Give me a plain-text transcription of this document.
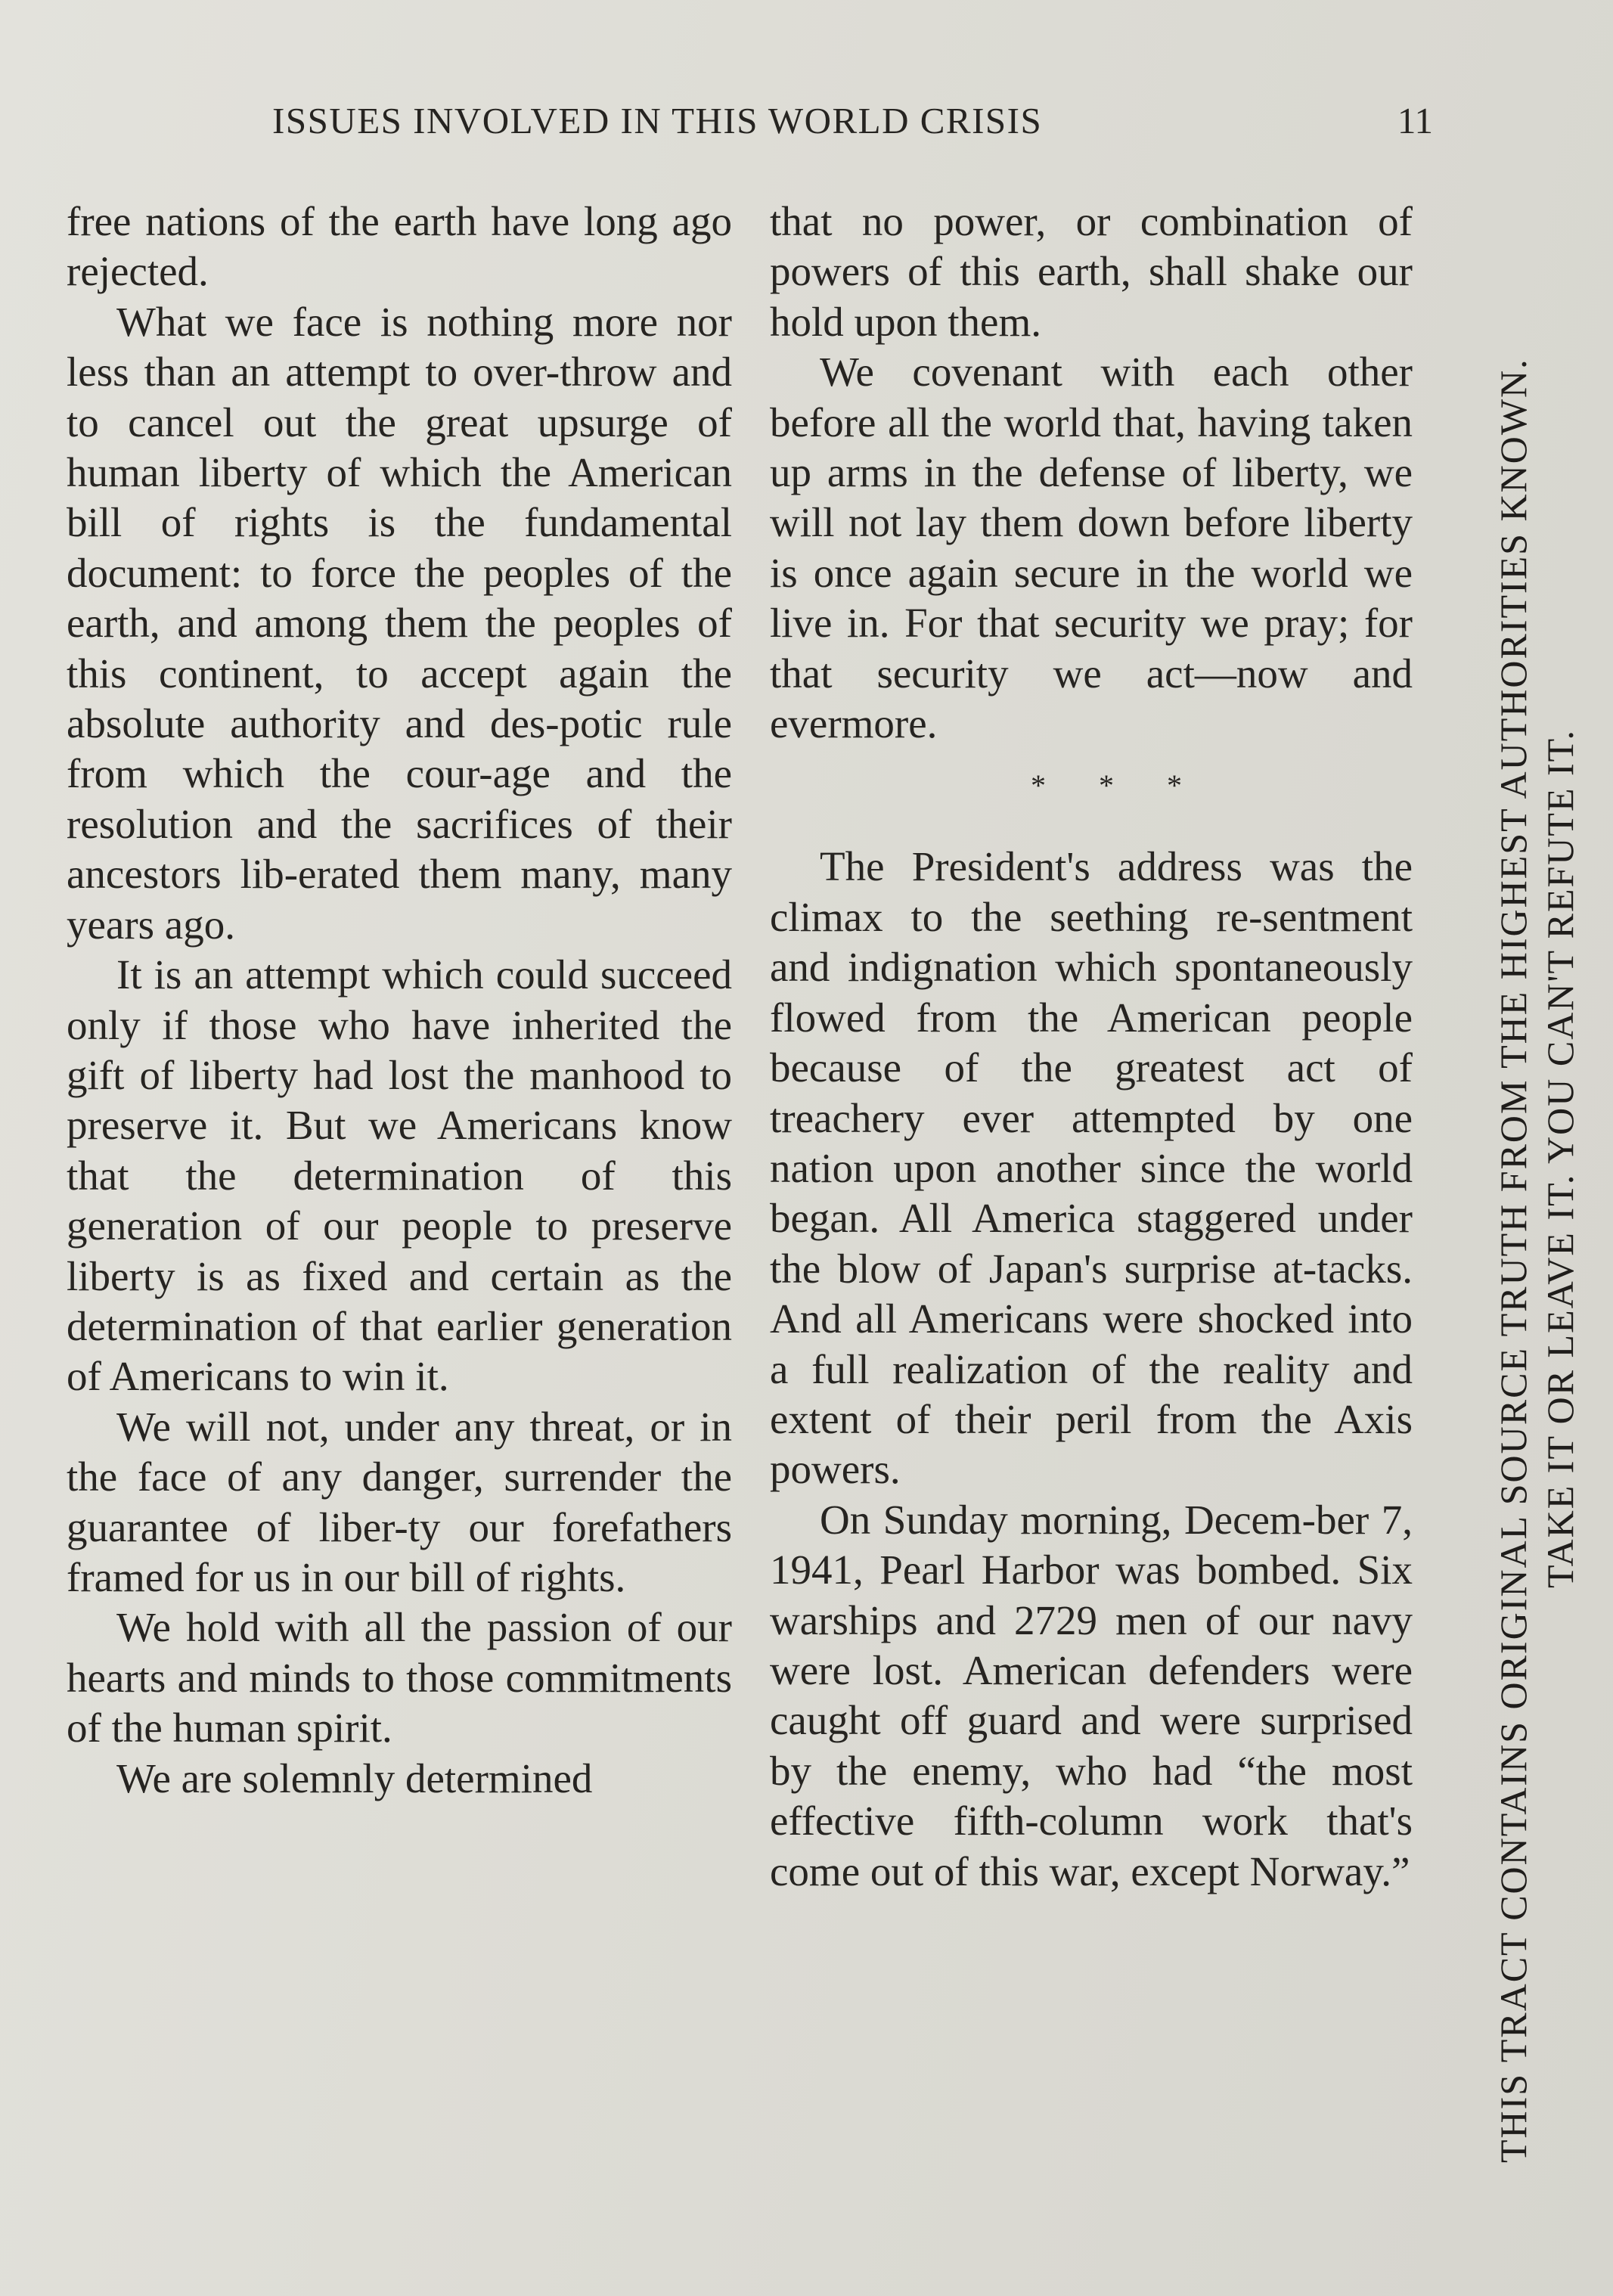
ISSUES INVOLVED IN THIS WORLD CRISIS	11

free nations of the earth have long ago rejected.

What we face is nothing more nor less than an attempt to over-throw and to cancel out the great upsurge of human liberty of which the American bill of rights is the fundamental document: to force the peoples of the earth, and among them the peoples of this continent, to accept again the absolute authority and des-potic rule from which the cour-age and the resolution and the sacrifices of their ancestors lib-erated them many, many years ago.

It is an attempt which could succeed only if those who have inherited the gift of liberty had lost the manhood to preserve it. But we Americans know that the determination of this generation of our people to preserve liberty is as fixed and certain as the determination of that earlier generation of Americans to win it.

We will not, under any threat, or in the face of any danger, surrender the guarantee of liber-ty our forefathers framed for us in our bill of rights.

We hold with all the passion of our hearts and minds to those commitments of the human spirit.

We are solemnly determined

that no power, or combination of powers of this earth, shall shake our hold upon them.

We covenant with each other before all the world that, having taken up arms in the defense of liberty, we will not lay them down before liberty is once again secure in the world we live in. For that security we pray; for that security we act—now and evermore.

* * *

The President's address was the climax to the seething re-sentment and indignation which spontaneously flowed from the American people because of the greatest act of treachery ever attempted by one nation upon another since the world began. All America staggered under the blow of Japan's surprise at-tacks. And all Americans were shocked into a full realization of the reality and extent of their peril from the Axis powers.

On Sunday morning, Decem-ber 7, 1941, Pearl Harbor was bombed. Six warships and 2729 men of our navy were lost. American defenders were caught off guard and were surprised by the enemy, who had “the most effective fifth-column work that's come out of this war, except Norway.” THIS TRACT CONTAINS ORIGINAL SOURCE TRUTH FROM THE HIGHEST AUTHORITIES KNOWN. TAKE IT OR LEAVE IT. YOU CAN'T REFUTE IT.
